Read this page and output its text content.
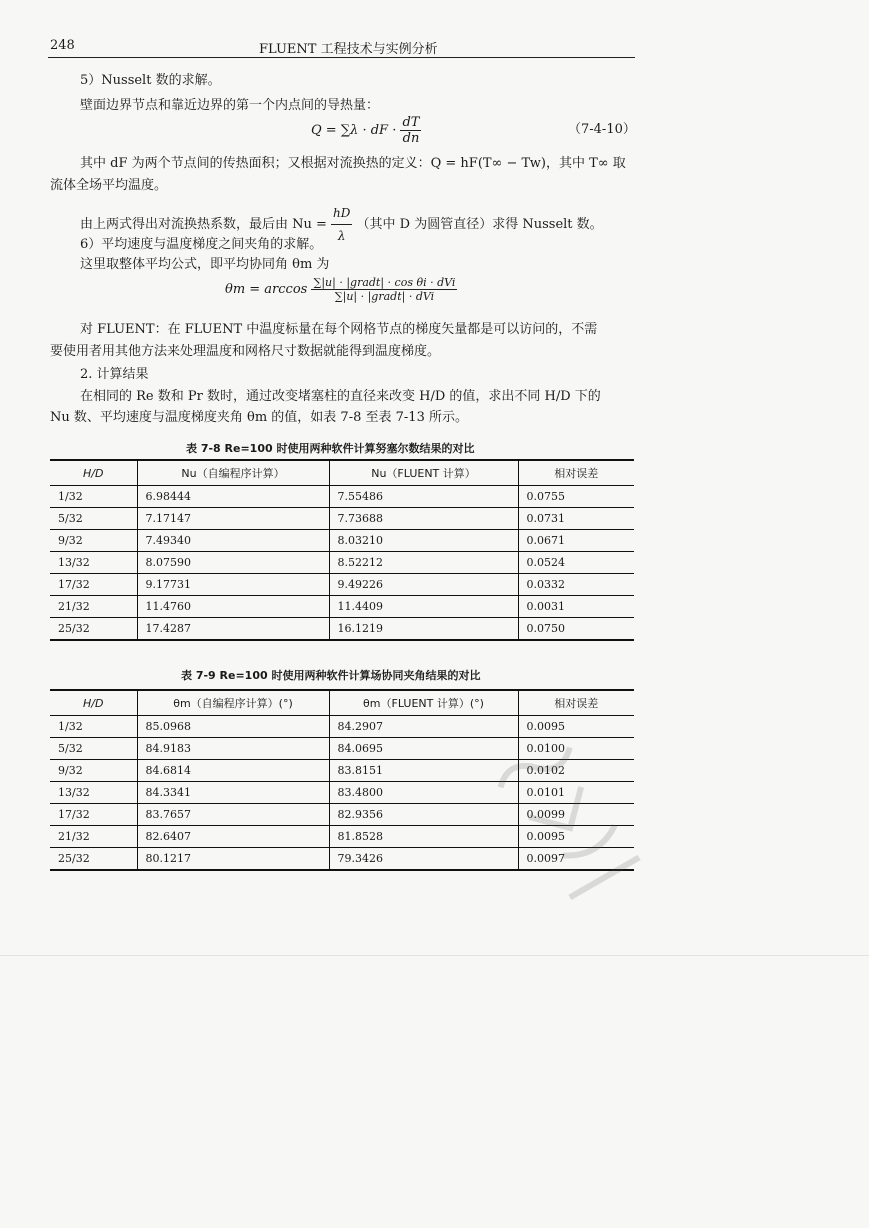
248	FLUENT 工程技术与实例分析
5）Nusselt 数的求解。
壁面边界节点和靠近边界的第一个内点间的导热量：
Q = ∑λ · dF · $\frac{dT}{dn}$	（7-4-10）
其中 dF 为两个节点间的传热面积；又根据对流换热的定义：Q = hF(T∞ − Tw)，其中 T∞ 取
流体全场平均温度。
由上两式得出对流换热系数，最后由 $Nu = \frac{hD}{\lambda}$ （其中 D 为圆管直径）求得 Nusselt 数。
6）平均速度与温度梯度之间夹角的求解。
这里取整体平均公式，即平均协同角 θm 为
$\theta m = \arccos \frac{\text{∑|u| · |gradt| · cos θi · dVi}}{\text{∑|u| · |gradt| · dVi}}$
对 FLUENT：在 FLUENT 中温度标量在每个网格节点的梯度矢量都是可以访问的，不需
要使用者用其他方法来处理温度和网格尺寸数据就能得到温度梯度。
2. 计算结果
在相同的 Re 数和 Pr 数时，通过改变堵塞柱的直径来改变 H/D 的值，求出不同 H/D 下的
Nu 数、平均速度与温度梯度夹角 θm 的值，如表 7-8 至表 7-13 所示。
表 7-8 Re=100 时使用两种软件计算努塞尔数结果的对比
H/D	Nu（自编程序计算）	Nu（FLUENT 计算）	相对误差
1/32	6.98444	7.55486	0.0755
5/32	7.17147	7.73688	0.0731
9/32	7.49340	8.03210	0.0671
13/32	8.07590	8.52212	0.0524
17/32	9.17731	9.49226	0.0332
21/32	11.4760	11.4409	0.0031
25/32	17.4287	16.1219	0.0750
表 7-9 Re=100 时使用两种软件计算场协同夹角结果的对比
H/D	θm（自编程序计算）(°)	θm（FLUENT 计算）(°)	相对误差
1/32	85.0968	84.2907	0.0095
5/32	84.9183	84.0695	0.0100
9/32	84.6814	83.8151	0.0102
13/32	84.3341	83.4800	0.0101
17/32	83.7657	82.9356	0.0099
21/32	82.6407	81.8528	0.0095
25/32	80.1217	79.3426	0.0097
